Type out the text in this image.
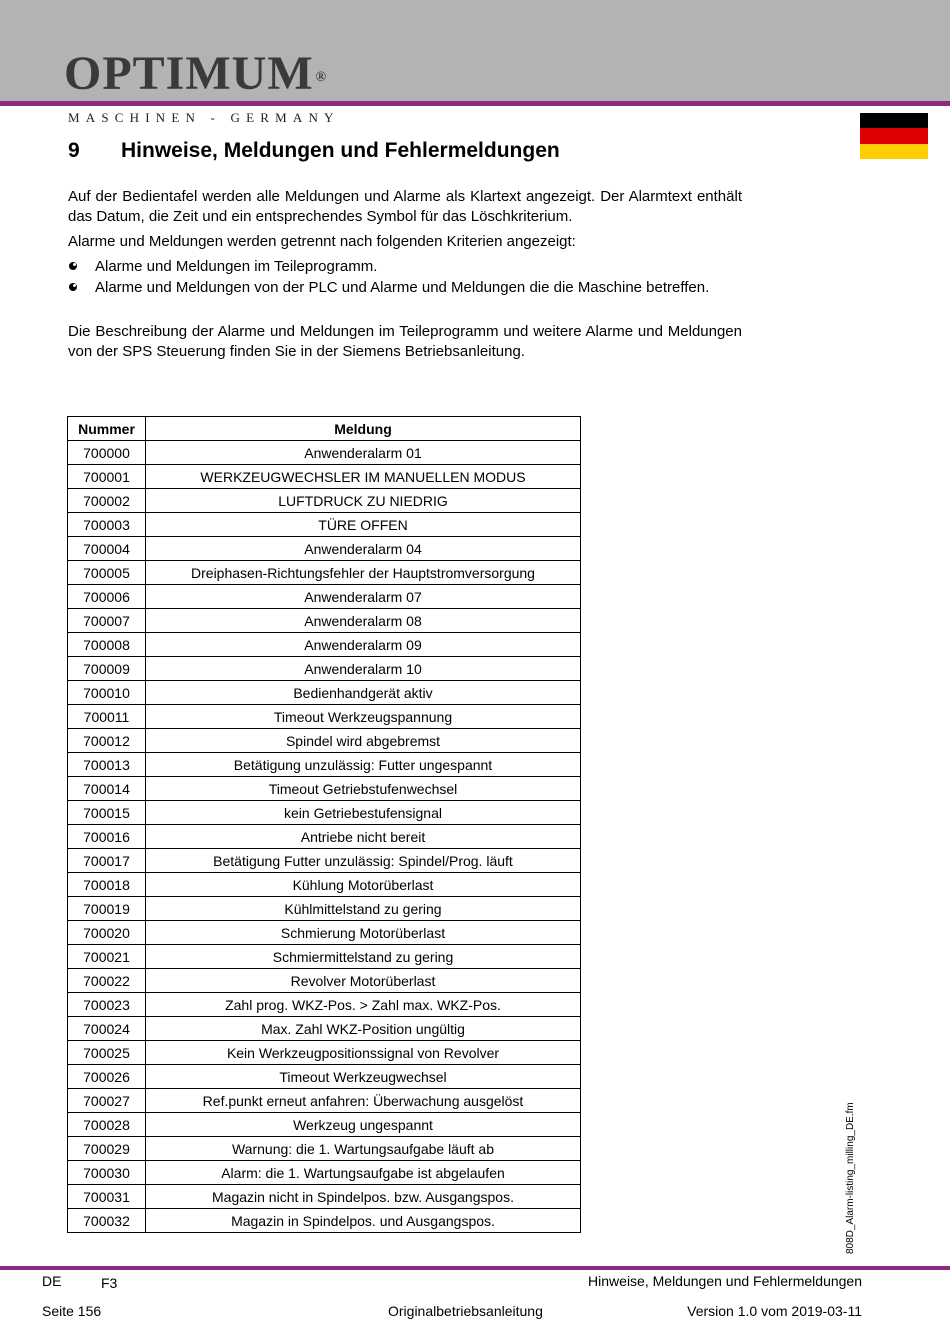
OPTIMUM ®
MASCHINEN - GERMANY
9 Hinweise, Meldungen und Fehlermeldungen
Auf der Bedientafel werden alle Meldungen und Alarme als Klartext angezeigt. Der Alarmtext enthält das Datum, die Zeit und ein entsprechendes Symbol für das Löschkriterium.
Alarme und Meldungen werden getrennt nach folgenden Kriterien angezeigt:
Alarme und Meldungen im Teileprogramm.
Alarme und Meldungen von der PLC und Alarme und Meldungen die die Maschine betreffen.
Die Beschreibung der Alarme und Meldungen im Teileprogramm und weitere Alarme und Meldungen von der SPS Steuerung finden Sie in der Siemens Betriebsanleitung.
Nummer	Meldung
700000	Anwenderalarm 01
700001	WERKZEUGWECHSLER IM MANUELLEN MODUS
700002	LUFTDRUCK ZU NIEDRIG
700003	TÜRE OFFEN
700004	Anwenderalarm 04
700005	Dreiphasen-Richtungsfehler der Hauptstromversorgung
700006	Anwenderalarm 07
700007	Anwenderalarm 08
700008	Anwenderalarm 09
700009	Anwenderalarm 10
700010	Bedienhandgerät aktiv
700011	Timeout Werkzeugspannung
700012	Spindel wird abgebremst
700013	Betätigung unzulässig: Futter ungespannt
700014	Timeout Getriebstufenwechsel
700015	kein Getriebestufensignal
700016	Antriebe nicht bereit
700017	Betätigung Futter unzulässig: Spindel/Prog. läuft
700018	Kühlung Motorüberlast
700019	Kühlmittelstand zu gering
700020	Schmierung Motorüberlast
700021	Schmiermittelstand zu gering
700022	Revolver Motorüberlast
700023	Zahl prog. WKZ-Pos. > Zahl max. WKZ-Pos.
700024	Max. Zahl WKZ-Position ungültig
700025	Kein Werkzeugpositionssignal von Revolver
700026	Timeout Werkzeugwechsel
700027	Ref.punkt erneut anfahren: Überwachung ausgelöst
700028	Werkzeug ungespannt
700029	Warnung: die 1. Wartungsaufgabe läuft ab
700030	Alarm: die 1. Wartungsaufgabe ist abgelaufen
700031	Magazin nicht in Spindelpos. bzw. Ausgangspos.
700032	Magazin in Spindelpos. und Ausgangspos.	808D_Alarm-listing_milling_DE.fm
DE	F3	Hinweise, Meldungen und Fehlermeldungen
Seite 156	Originalbetriebsanleitung	Version 1.0 vom 2019-03-11
